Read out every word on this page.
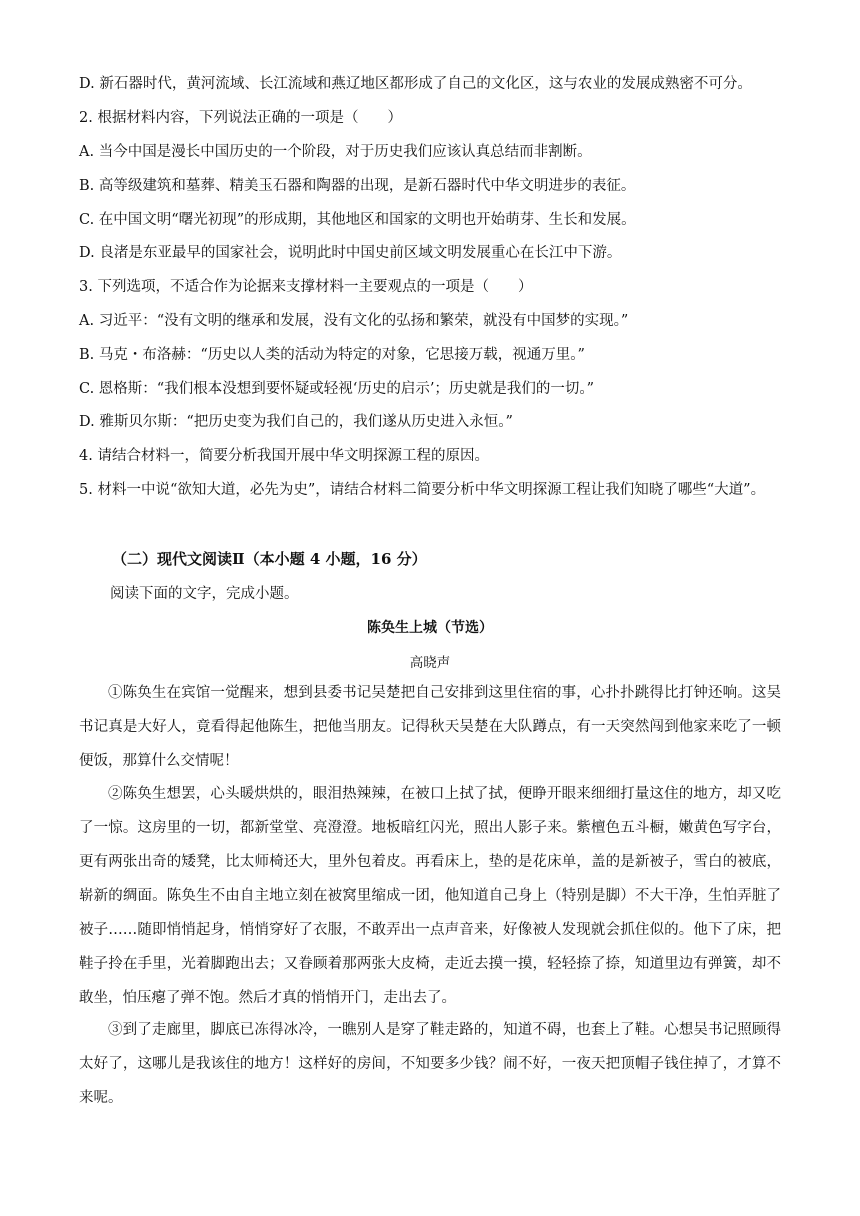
D. 新石器时代，黄河流域、长江流域和燕辽地区都形成了自己的文化区，这与农业的发展成熟密不可分。
2. 根据材料内容，下列说法正确的一项是（　　）
A. 当今中国是漫长中国历史的一个阶段，对于历史我们应该认真总结而非割断。
B. 高等级建筑和墓葬、精美玉石器和陶器的出现，是新石器时代中华文明进步的表征。
C. 在中国文明“曙光初现”的形成期，其他地区和国家的文明也开始萌芽、生长和发展。
D. 良渚是东亚最早的国家社会，说明此时中国史前区域文明发展重心在长江中下游。
3. 下列选项，不适合作为论据来支撑材料一主要观点的一项是（　　）
A. 习近平：“没有文明的继承和发展，没有文化的弘扬和繁荣，就没有中国梦的实现。”
B. 马克・布洛赫：“历史以人类的活动为特定的对象，它思接万载，视通万里。”
C. 恩格斯：“我们根本没想到要怀疑或轻视‘历史的启示’；历史就是我们的一切。”
D. 雅斯贝尔斯：“把历史变为我们自己的，我们遂从历史进入永恒。”
4. 请结合材料一，简要分析我国开展中华文明探源工程的原因。
5. 材料一中说“欲知大道，必先为史”，请结合材料二简要分析中华文明探源工程让我们知晓了哪些“大道”。
（二）现代文阅读Ⅱ（本小题 4 小题，16 分）
阅读下面的文字，完成小题。
陈奂生上城（节选）
高晓声
①陈奂生在宾馆一觉醒来，想到县委书记吴楚把自己安排到这里住宿的事，心扑扑跳得比打钟还响。这吴书记真是大好人，竟看得起他陈生，把他当朋友。记得秋天吴楚在大队蹲点，有一天突然闯到他家来吃了一顿便饭，那算什么交情呢！
②陈奂生想罢，心头暖烘烘的，眼泪热辣辣，在被口上拭了拭，便睁开眼来细细打量这住的地方，却又吃了一惊。这房里的一切，都新堂堂、亮澄澄。地板暗红闪光，照出人影子来。紫檀色五斗橱，嫩黄色写字台，更有两张出奇的矮凳，比太师椅还大，里外包着皮。再看床上，垫的是花床单，盖的是新被子，雪白的被底，崭新的绸面。陈奂生不由自主地立刻在被窝里缩成一团，他知道自己身上（特别是脚）不大干净，生怕弄脏了被子……随即悄悄起身，悄悄穿好了衣服，不敢弄出一点声音来，好像被人发现就会抓住似的。他下了床，把鞋子拎在手里，光着脚跑出去；又眷顾着那两张大皮椅，走近去摸一摸，轻轻捺了捺，知道里边有弹簧，却不敢坐，怕压瘪了弹不饱。然后才真的悄悄开门，走出去了。
③到了走廊里，脚底已冻得冰冷，一瞧别人是穿了鞋走路的，知道不碍，也套上了鞋。心想吴书记照顾得太好了，这哪儿是我该住的地方！这样好的房间，不知要多少钱？闹不好，一夜天把顶帽子钱住掉了，才算不来呢。
